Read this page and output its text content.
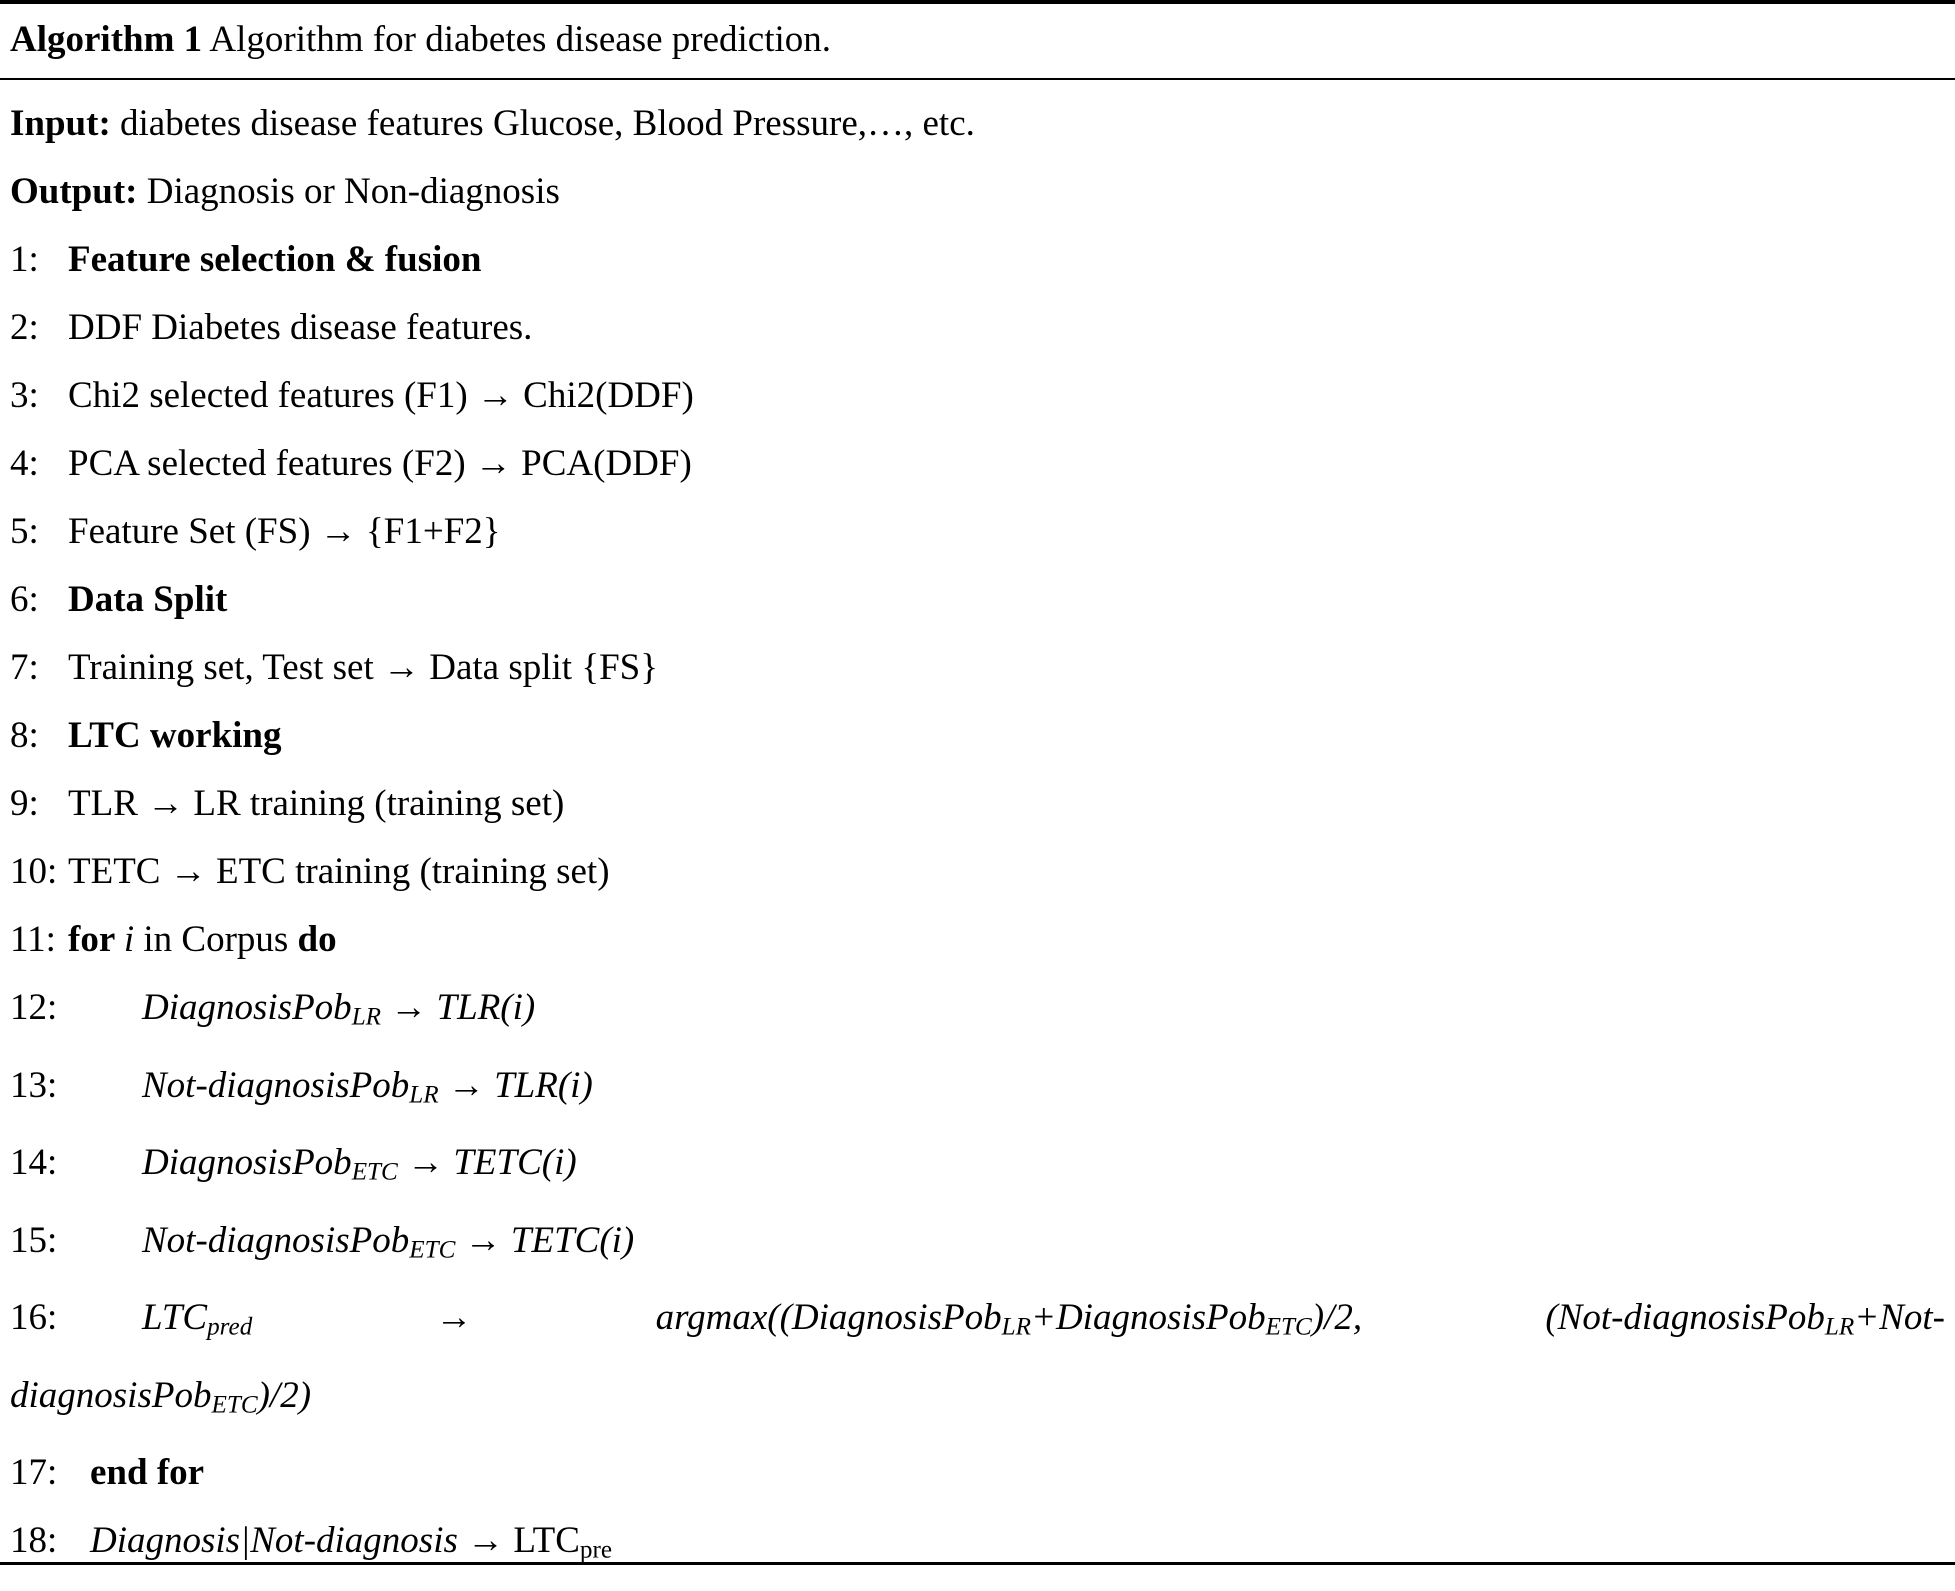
Algorithm 1 Algorithm for diabetes disease prediction.

Input: diabetes disease features Glucose, Blood Pressure,…, etc.

Output: Diagnosis or Non-diagnosis

1: Feature selection & fusion

2: DDF Diabetes disease features.

3: Chi2 selected features (F1) → Chi2(DDF)

4: PCA selected features (F2) → PCA(DDF)

5: Feature Set (FS) → {F1+F2}

6: Data Split

7: Training set, Test set → Data split {FS}

8: LTC working

9: TLR → LR training (training set)

10: TETC → ETC training (training set)

11: for i in Corpus do

12: DiagnosisPob$_{LR}$ → TLR(i)

13: Not-diagnosisPob$_{LR}$ → TLR(i)

14: DiagnosisPob$_{ETC}$ → TETC(i)

15: Not-diagnosisPob$_{ETC}$ → TETC(i)

16: $LTC_{pred}$	→	argmax((DiagnosisPob$_{LR}$+DiagnosisPob$_{ETC}$)/2,	(Not-diagnosisPob$_{LR}$+Not-

diagnosisPob$_{ETC}$)/2)

17: end for

18: Diagnosis|Not-diagnosis → $LTC_{pre}$
